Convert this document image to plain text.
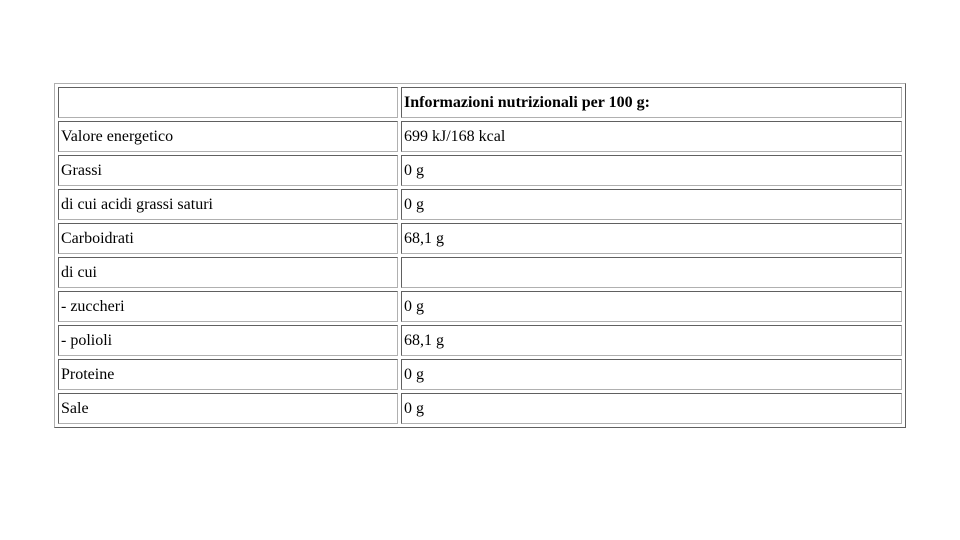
	Informazioni nutrizionali per 100 g:
Valore energetico	699 kJ/168 kcal
Grassi	0 g
di cui acidi grassi saturi	0 g
Carboidrati	68,1 g
di cui	
- zuccheri	0 g
- polioli	68,1 g
Proteine	0 g
Sale	0 g
